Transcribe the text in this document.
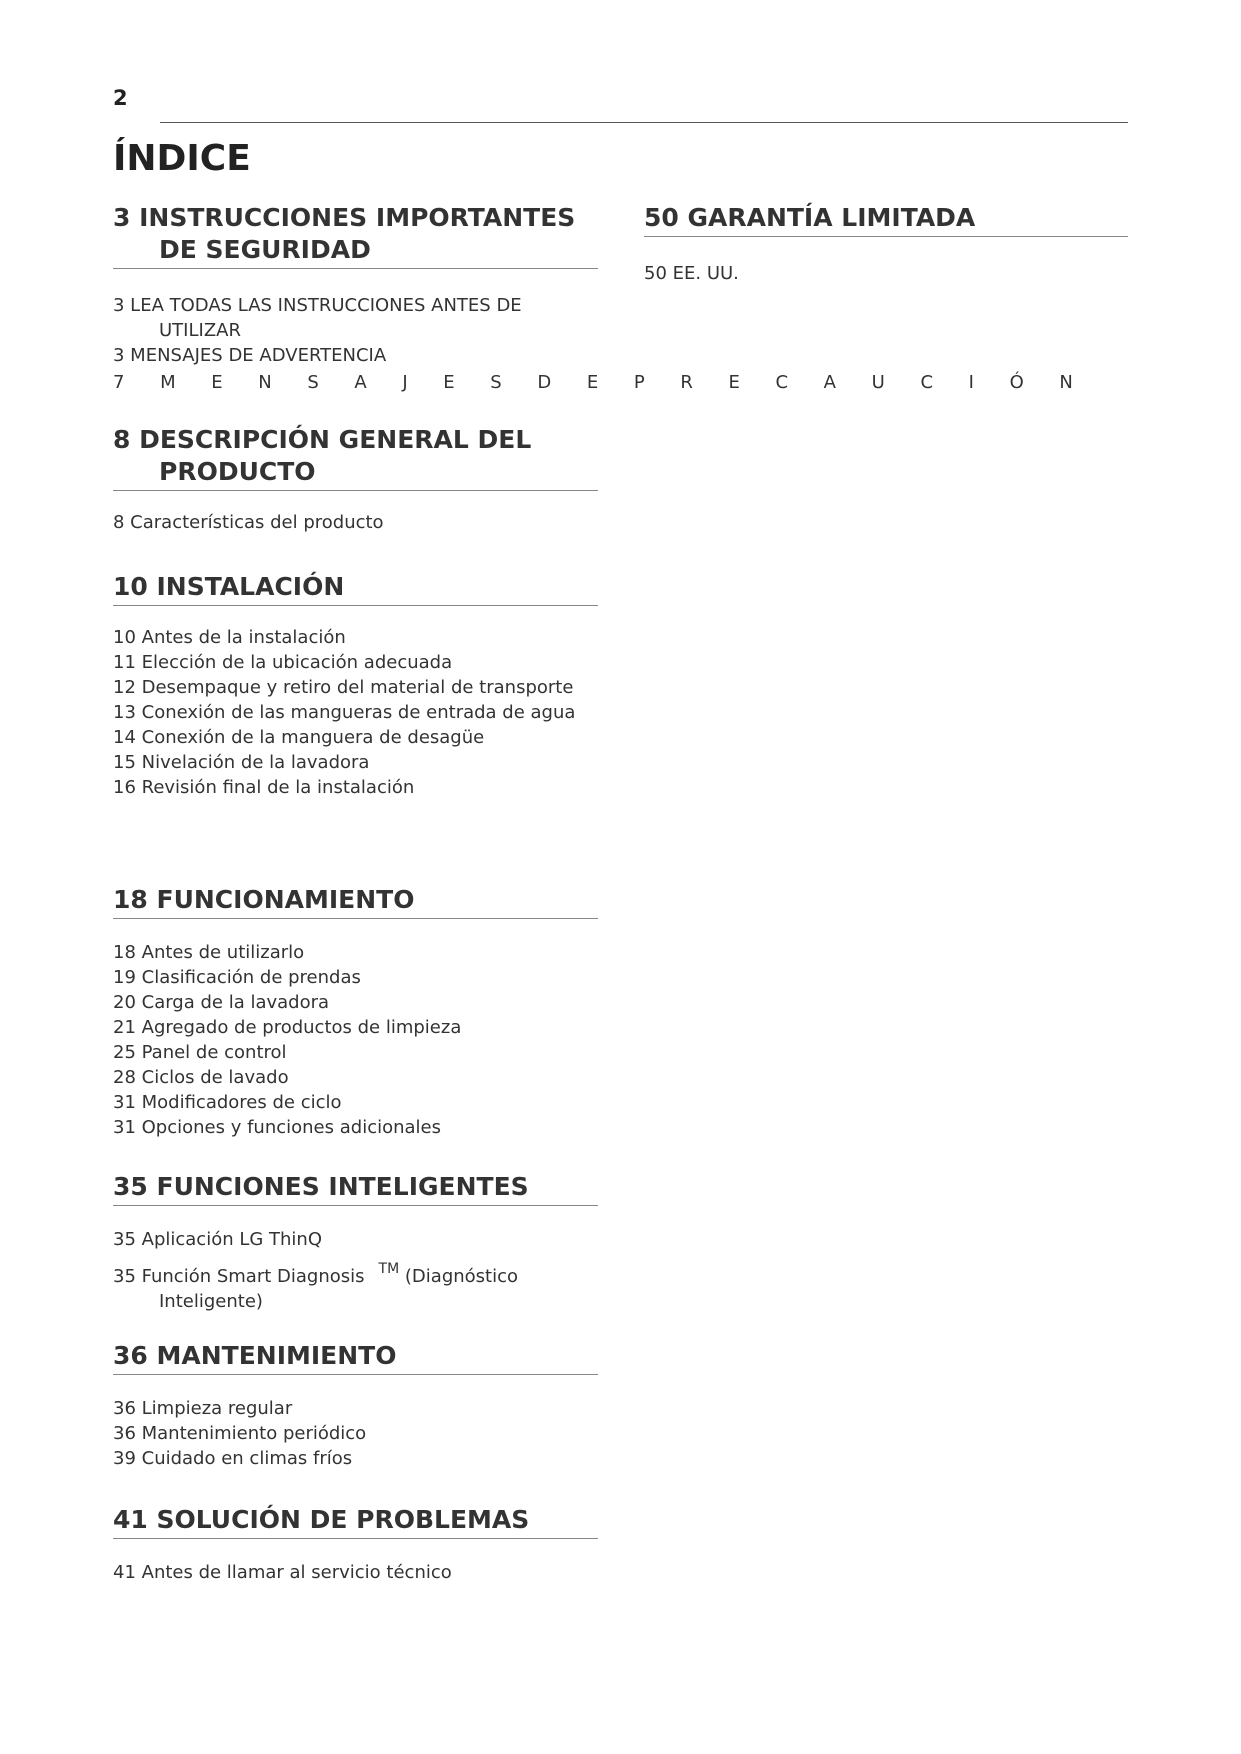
2
ÍNDICE
3 INSTRUCCIONES IMPORTANTES DE SEGURIDAD
3 LEA TODAS LAS INSTRUCCIONES ANTES DE UTILIZAR
3 MENSAJES DE ADVERTENCIA
8 DESCRIPCIÓN GENERAL DEL PRODUCTO
8 Características del producto
10 INSTALACIÓN
10 Antes de la instalación
11 Elección de la ubicación adecuada
12 Desempaque y retiro del material de transporte
13 Conexión de las mangueras de entrada de agua
14 Conexión de la manguera de desagüe
15 Nivelación de la lavadora
16 Revisión final de la instalación
18 FUNCIONAMIENTO
18 Antes de utilizarlo
19 Clasificación de prendas
20 Carga de la lavadora
21 Agregado de productos de limpieza
25 Panel de control
28 Ciclos de lavado
31 Modificadores de ciclo
31 Opciones y funciones adicionales
35 FUNCIONES INTELIGENTES
35 Aplicación LG ThinQ
35 Función Smart Diagnosis ™ (Diagnóstico Inteligente)
36 MANTENIMIENTO
36 Limpieza regular
36 Mantenimiento periódico
39 Cuidado en climas fríos
41 SOLUCIÓN DE PROBLEMAS
41 Antes de llamar al servicio técnico
7 M E N S A J E S D E P R E C A U C I Ó N
50 GARANTÍA LIMITADA
50 EE. UU.
